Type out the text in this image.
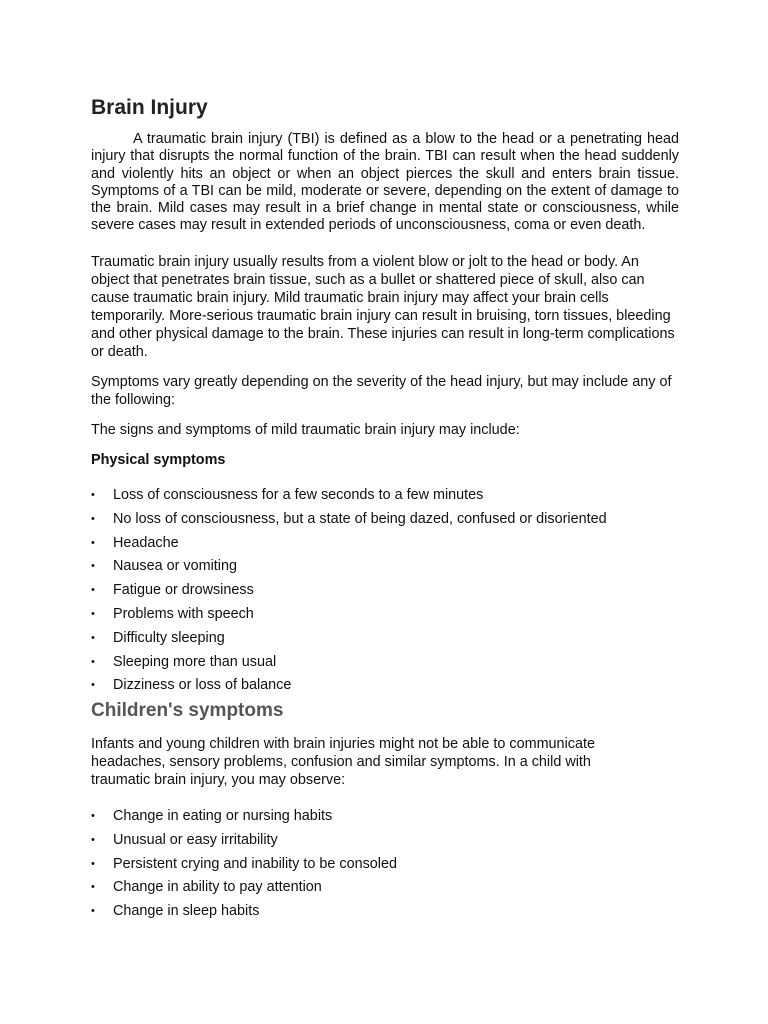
Brain Injury

A traumatic brain injury (TBI) is defined as a blow to the head or a penetrating head injury that disrupts the normal function of the brain. TBI can result when the head suddenly and violently hits an object or when an object pierces the skull and enters brain tissue. Symptoms of a TBI can be mild, moderate or severe, depending on the extent of damage to the brain. Mild cases may result in a brief change in mental state or consciousness, while severe cases may result in extended periods of unconsciousness, coma or even death.

Traumatic brain injury usually results from a violent blow or jolt to the head or body. An object that penetrates brain tissue, such as a bullet or shattered piece of skull, also can cause traumatic brain injury. Mild traumatic brain injury may affect your brain cells temporarily. More-serious traumatic brain injury can result in bruising, torn tissues, bleeding and other physical damage to the brain. These injuries can result in long-term complications or death.

Symptoms vary greatly depending on the severity of the head injury, but may include any of the following:

The signs and symptoms of mild traumatic brain injury may include:

Physical symptoms

• Loss of consciousness for a few seconds to a few minutes
• No loss of consciousness, but a state of being dazed, confused or disoriented
• Headache
• Nausea or vomiting
• Fatigue or drowsiness
• Problems with speech
• Difficulty sleeping
• Sleeping more than usual
• Dizziness or loss of balance
Children's symptoms

Infants and young children with brain injuries might not be able to communicate headaches, sensory problems, confusion and similar symptoms. In a child with traumatic brain injury, you may observe:

• Change in eating or nursing habits
• Unusual or easy irritability
• Persistent crying and inability to be consoled
• Change in ability to pay attention
• Change in sleep habits
